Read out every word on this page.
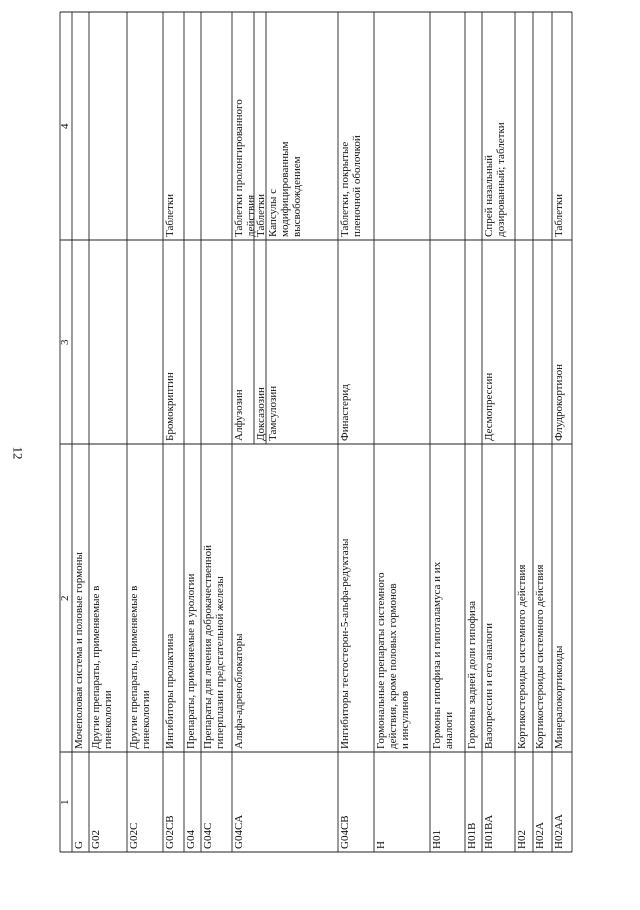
12
1
2
3
4
G
Мочеполовая система и половые гормоны
G02
Другие препараты, применяемые вгинекологии
G02C
Другие препараты, применяемые вгинекологии
G02CB
Ингибиторы пролактина
Бромокриптин
Таблетки
G04
Препараты, применяемые в урологии
G04C
Препараты для лечения доброкачественнойгиперплазии предстательной железы
G04CA
Альфа-адреноблокаторы
Алфузозин
Таблетки пролонгированногодействия
Доксазозин
Таблетки
Тамсулозин
Капсулы смодифицированнымвысвобождением
G04CB
Ингибиторы тестостерон-5-альфа-редуктазы
Финастерид
Таблетки, покрытыепленочной оболочкой
H
Гормональные препараты системногодействия, кроме половых гормонови инсулинов
H01
Гормоны гипофиза и гипоталамуса и иханалоги
H01B
Гормоны задней доли гипофиза
H01BA
Вазопрессин и его аналоги
Десмопрессин
Спрей назальныйдозированный; таблетки
H02
Кортикостероиды системного действия
H02A
Кортикостероиды системного действия
H02AA
Минералокортикоиды
Флудрокортизон
Таблетки
